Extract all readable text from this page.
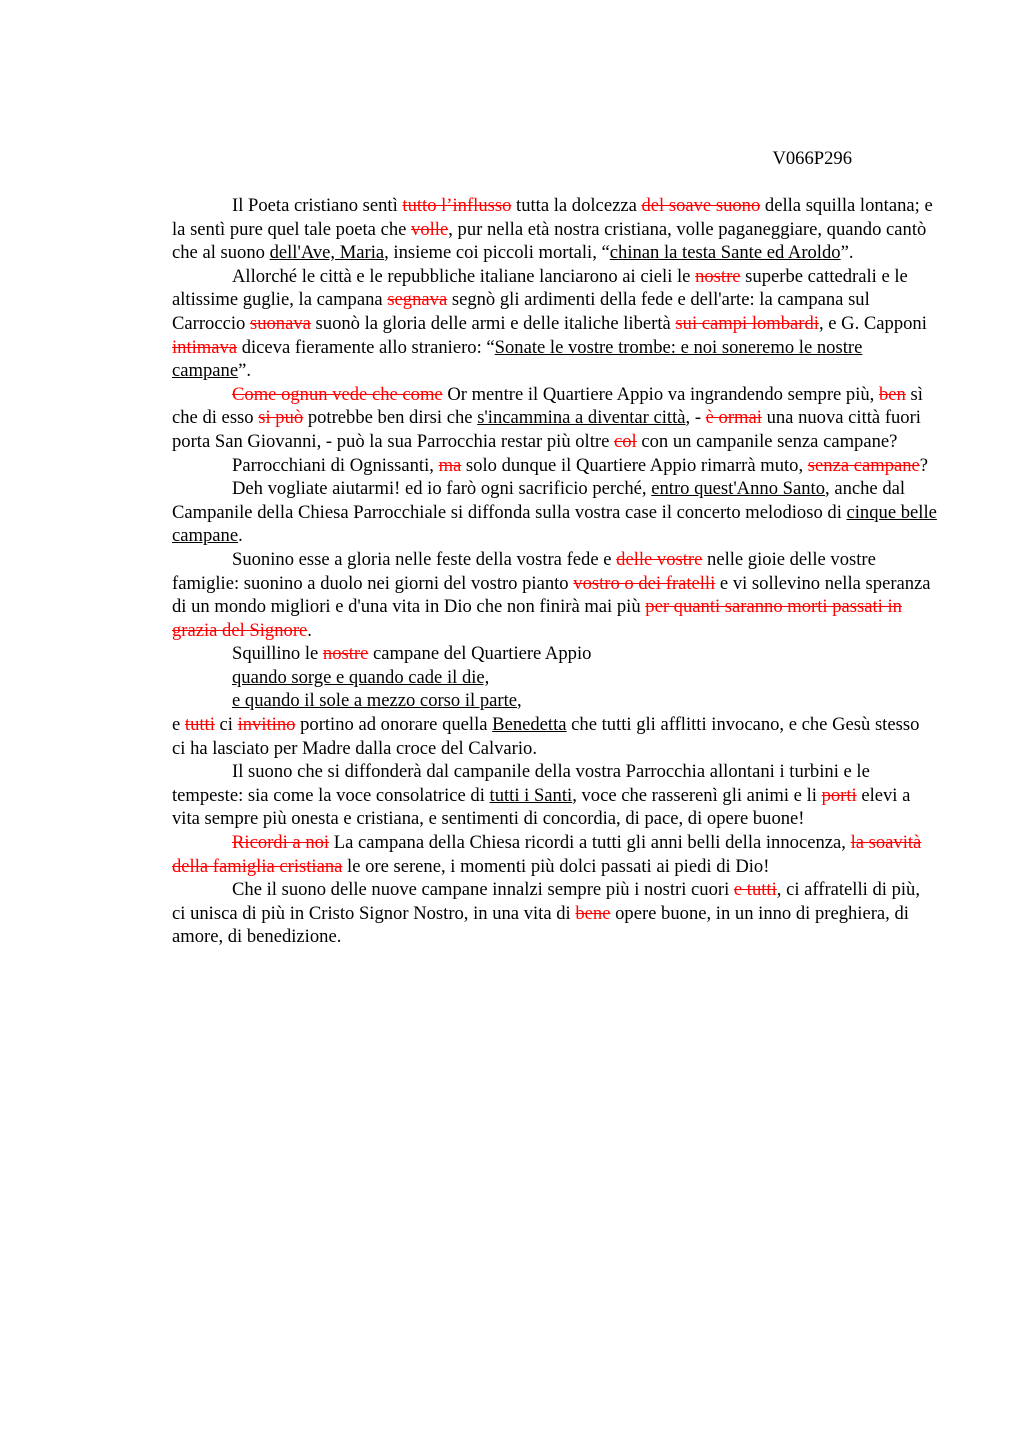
V066P296

Il Poeta cristiano sentì tutto l’influsso tutta la dolcezza del soave suono della squilla lontana; e la sentì pure quel tale poeta che volle, pur nella età nostra cristiana, volle paganeggiare, quando cantò che al suono dell'Ave, Maria, insieme coi piccoli mortali, “chinan la testa Sante ed Aroldo”.

Allorché le città e le repubbliche italiane lanciarono ai cieli le nostre superbe cattedrali e le altissime guglie, la campana segnava segnò gli ardimenti della fede e dell'arte: la campana sul Carroccio suonava suonò la gloria delle armi e delle italiche libertà sui campi lombardi, e G. Capponi intimava diceva fieramente allo straniero: “Sonate le vostre trombe: e noi soneremo le nostre campane”.

Come ognun vede che come Or mentre il Quartiere Appio va ingrandendo sempre più, ben sì che di esso si può potrebbe ben dirsi che s'incammina a diventar città, - è ormai una nuova città fuori porta San Giovanni, - può la sua Parrocchia restar più oltre col con un campanile senza campane?

Parrocchiani di Ognissanti, ma solo dunque il Quartiere Appio rimarrà muto, senza campane?

Deh vogliate aiutarmi! ed io farò ogni sacrificio perché, entro quest'Anno Santo, anche dal Campanile della Chiesa Parrocchiale si diffonda sulla vostra case il concerto melodioso di cinque belle campane.

Suonino esse a gloria nelle feste della vostra fede e delle vostre nelle gioie delle vostre famiglie: suonino a duolo nei giorni del vostro pianto vostro o dei fratelli e vi sollevino nella speranza di un mondo migliori e d'una vita in Dio che non finirà mai più per quanti saranno morti passati in grazia del Signore.

Squillino le nostre campane del Quartiere Appio
quando sorge e quando cade il die,
e quando il sole a mezzo corso il parte,

e tutti ci invitino portino ad onorare quella Benedetta che tutti gli afflitti invocano, e che Gesù stesso ci ha lasciato per Madre dalla croce del Calvario.

Il suono che si diffonderà dal campanile della vostra Parrocchia allontani i turbini e le tempeste: sia come la voce consolatrice di tutti i Santi, voce che rasserenì gli animi e li porti elevi a vita sempre più onesta e cristiana, e sentimenti di concordia, di pace, di opere buone!

Ricordi a noi La campana della Chiesa ricordi a tutti gli anni belli della innocenza, la soavità della famiglia cristiana le ore serene, i momenti più dolci passati ai piedi di Dio!

Che il suono delle nuove campane innalzi sempre più i nostri cuori e tutti, ci affratelli di più, ci unisca di più in Cristo Signor Nostro, in una vita di bene opere buone, in un inno di preghiera, di amore, di benedizione.
